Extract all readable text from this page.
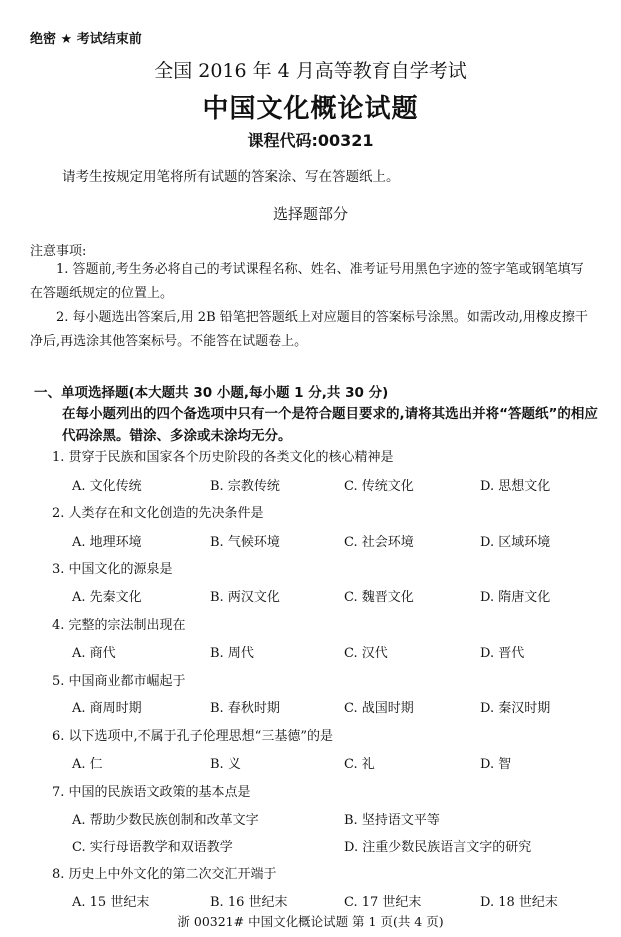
绝密 ★ 考试结束前
全国 2016 年 4 月高等教育自学考试
中国文化概论试题
课程代码:00321
请考生按规定用笔将所有试题的答案涂、写在答题纸上。
选择题部分
注意事项:
1. 答题前,考生务必将自己的考试课程名称、姓名、准考证号用黑色字迹的签字笔或钢笔填写在答题纸规定的位置上。
2. 每小题选出答案后,用 2B 铅笔把答题纸上对应题目的答案标号涂黑。如需改动,用橡皮擦干净后,再选涂其他答案标号。不能答在试题卷上。
一、单项选择题(本大题共 30 小题,每小题 1 分,共 30 分)
在每小题列出的四个备选项中只有一个是符合题目要求的,请将其选出并将“答题纸”的相应代码涂黑。错涂、多涂或未涂均无分。
1. 贯穿于民族和国家各个历史阶段的各类文化的核心精神是
A. 文化传统	B. 宗教传统	C. 传统文化	D. 思想文化
2. 人类存在和文化创造的先决条件是
A. 地理环境	B. 气候环境	C. 社会环境	D. 区域环境
3. 中国文化的源泉是
A. 先秦文化	B. 两汉文化	C. 魏晋文化	D. 隋唐文化
4. 完整的宗法制出现在
A. 商代	B. 周代	C. 汉代	D. 晋代
5. 中国商业都市崛起于
A. 商周时期	B. 春秋时期	C. 战国时期	D. 秦汉时期
6. 以下选项中,不属于孔子伦理思想“三基德”的是
A. 仁	B. 义	C. 礼	D. 智
7. 中国的民族语文政策的基本点是
A. 帮助少数民族创制和改革文字	B. 坚持语文平等
C. 实行母语教学和双语教学	D. 注重少数民族语言文字的研究
8. 历史上中外文化的第二次交汇开端于
A. 15 世纪末	B. 16 世纪末	C. 17 世纪末	D. 18 世纪末
浙 00321# 中国文化概论试题 第 1 页(共 4 页)
